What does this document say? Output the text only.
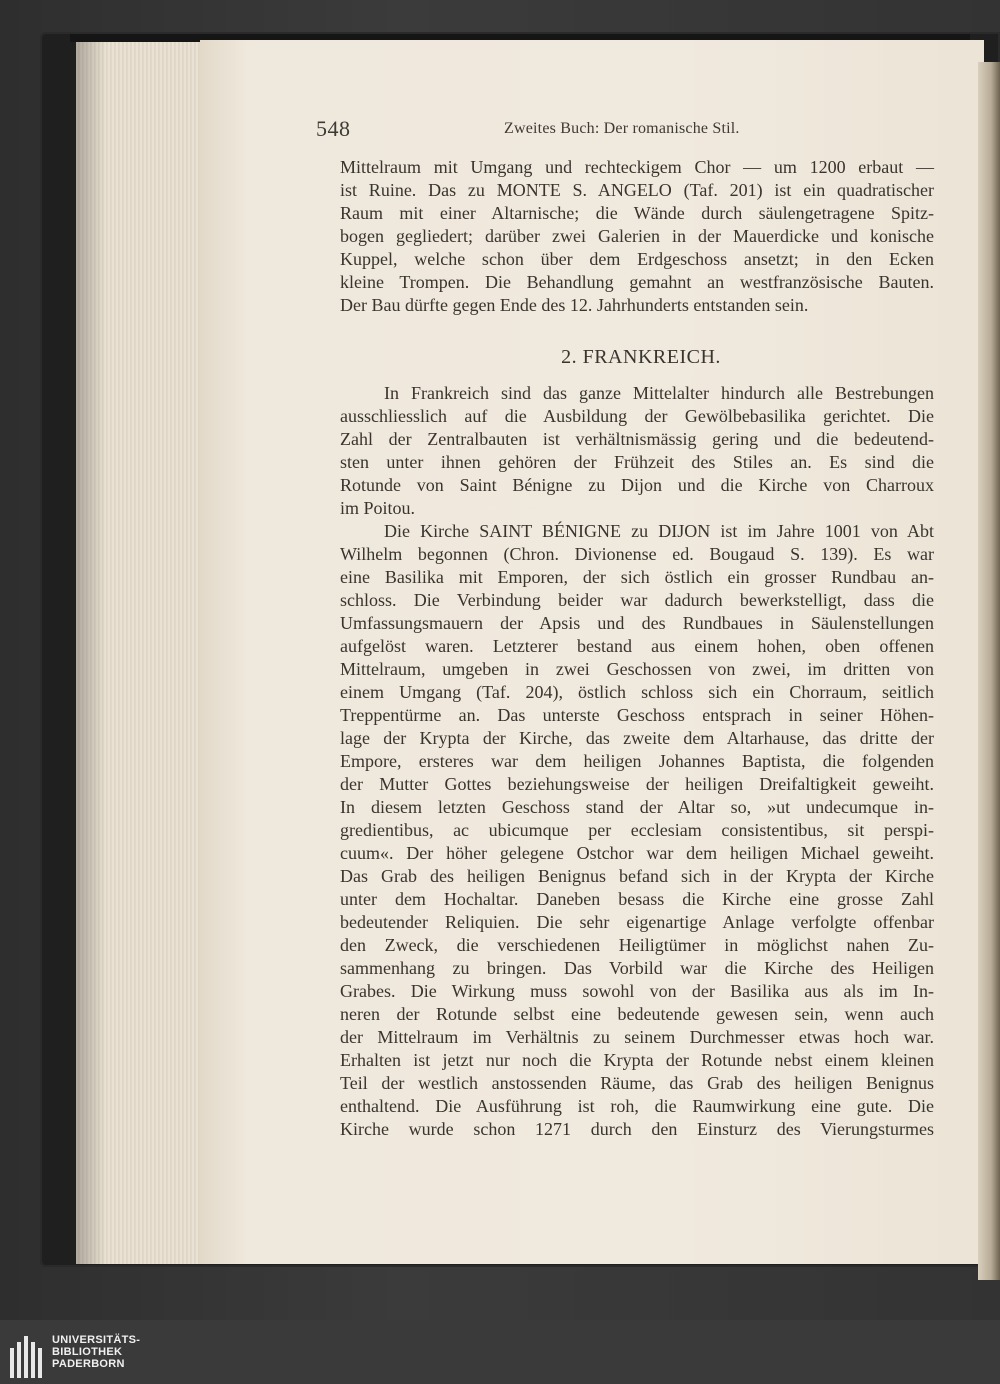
548	Zweites Buch: Der romanische Stil.
Mittelraum mit Umgang und rechteckigem Chor — um 1200 erbaut —
ist Ruine. Das zu MONTE S. ANGELO (Taf. 201) ist ein quadratischer
Raum mit einer Altarnische; die Wände durch säulengetragene Spitz-
bogen gegliedert; darüber zwei Galerien in der Mauerdicke und konische
Kuppel, welche schon über dem Erdgeschoss ansetzt; in den Ecken
kleine Trompen. Die Behandlung gemahnt an westfranzösische Bauten.
Der Bau dürfte gegen Ende des 12. Jahrhunderts entstanden sein.
2. FRANKREICH.
In Frankreich sind das ganze Mittelalter hindurch alle Bestrebungen
ausschliesslich auf die Ausbildung der Gewölbebasilika gerichtet. Die
Zahl der Zentralbauten ist verhältnismässig gering und die bedeutend-
sten unter ihnen gehören der Frühzeit des Stiles an. Es sind die
Rotunde von Saint Bénigne zu Dijon und die Kirche von Charroux
im Poitou.
Die Kirche SAINT BÉNIGNE zu DIJON ist im Jahre 1001 von Abt
Wilhelm begonnen (Chron. Divionense ed. Bougaud S. 139). Es war
eine Basilika mit Emporen, der sich östlich ein grosser Rundbau an-
schloss. Die Verbindung beider war dadurch bewerkstelligt, dass die
Umfassungsmauern der Apsis und des Rundbaues in Säulenstellungen
aufgelöst waren. Letzterer bestand aus einem hohen, oben offenen
Mittelraum, umgeben in zwei Geschossen von zwei, im dritten von
einem Umgang (Taf. 204), östlich schloss sich ein Chorraum, seitlich
Treppentürme an. Das unterste Geschoss entsprach in seiner Höhen-
lage der Krypta der Kirche, das zweite dem Altarhause, das dritte der
Empore, ersteres war dem heiligen Johannes Baptista, die folgenden
der Mutter Gottes beziehungsweise der heiligen Dreifaltigkeit geweiht.
In diesem letzten Geschoss stand der Altar so, »ut undecumque in-
gredientibus, ac ubicumque per ecclesiam consistentibus, sit perspi-
cuum«. Der höher gelegene Ostchor war dem heiligen Michael geweiht.
Das Grab des heiligen Benignus befand sich in der Krypta der Kirche
unter dem Hochaltar. Daneben besass die Kirche eine grosse Zahl
bedeutender Reliquien. Die sehr eigenartige Anlage verfolgte offenbar
den Zweck, die verschiedenen Heiligtümer in möglichst nahen Zu-
sammenhang zu bringen. Das Vorbild war die Kirche des Heiligen
Grabes. Die Wirkung muss sowohl von der Basilika aus als im In-
neren der Rotunde selbst eine bedeutende gewesen sein, wenn auch
der Mittelraum im Verhältnis zu seinem Durchmesser etwas hoch war.
Erhalten ist jetzt nur noch die Krypta der Rotunde nebst einem kleinen
Teil der westlich anstossenden Räume, das Grab des heiligen Benignus
enthaltend. Die Ausführung ist roh, die Raumwirkung eine gute. Die
Kirche wurde schon 1271 durch den Einsturz des Vierungsturmes
UNIVERSITÄTS-
BIBLIOTHEK
PADERBORN
